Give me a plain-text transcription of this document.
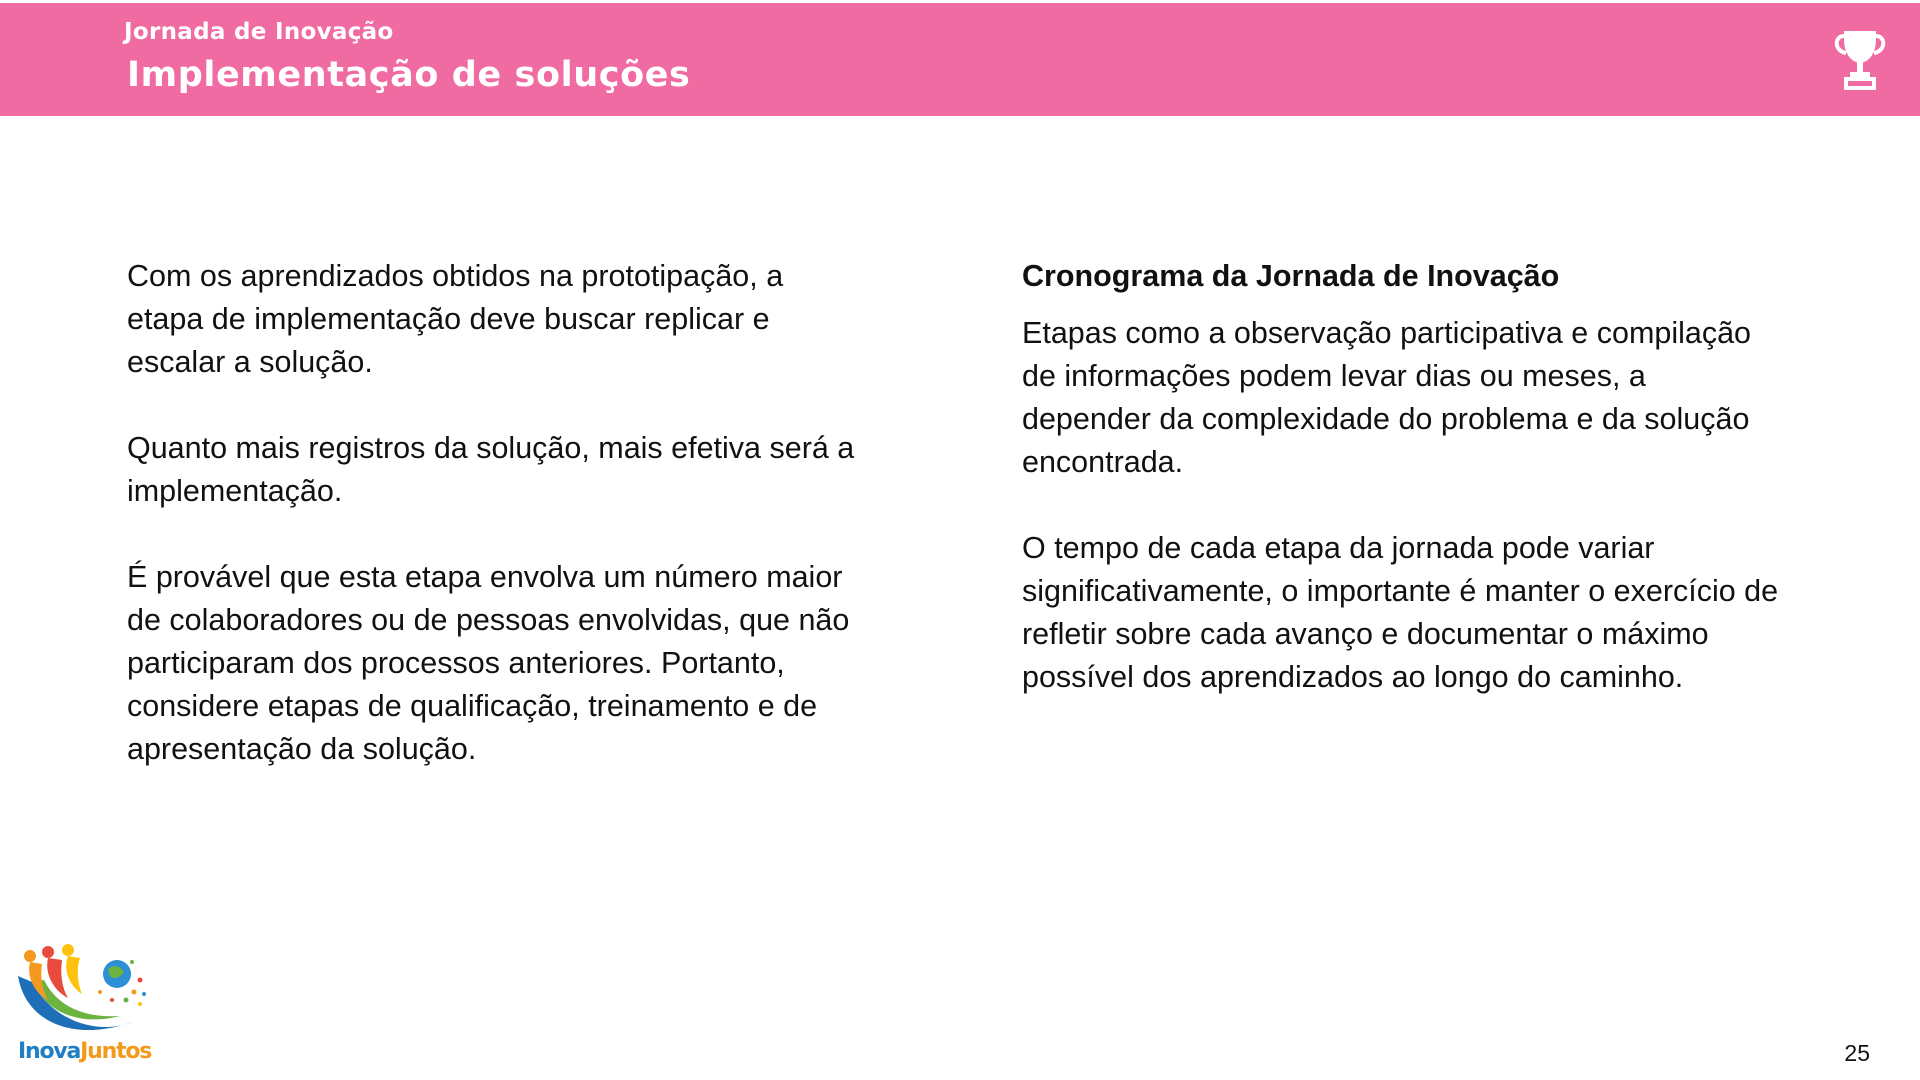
Jornada de Inovação
Implementação de soluções

Com os aprendizados obtidos na prototipação, a etapa de implementação deve buscar replicar e escalar a solução.

Quanto mais registros da solução, mais efetiva será a implementação.

É provável que esta etapa envolva um número maior de colaboradores ou de pessoas envolvidas, que não participaram dos processos anteriores. Portanto, considere etapas de qualificação, treinamento e de apresentação da solução.

Cronograma da Jornada de Inovação

Etapas como a observação participativa e compilação de informações podem levar dias ou meses, a depender da complexidade do problema e da solução encontrada.

O tempo de cada etapa da jornada pode variar significativamente, o importante é manter o exercício de refletir sobre cada avanço e documentar o máximo possível dos aprendizados ao longo do caminho.

InovaJuntos	25
